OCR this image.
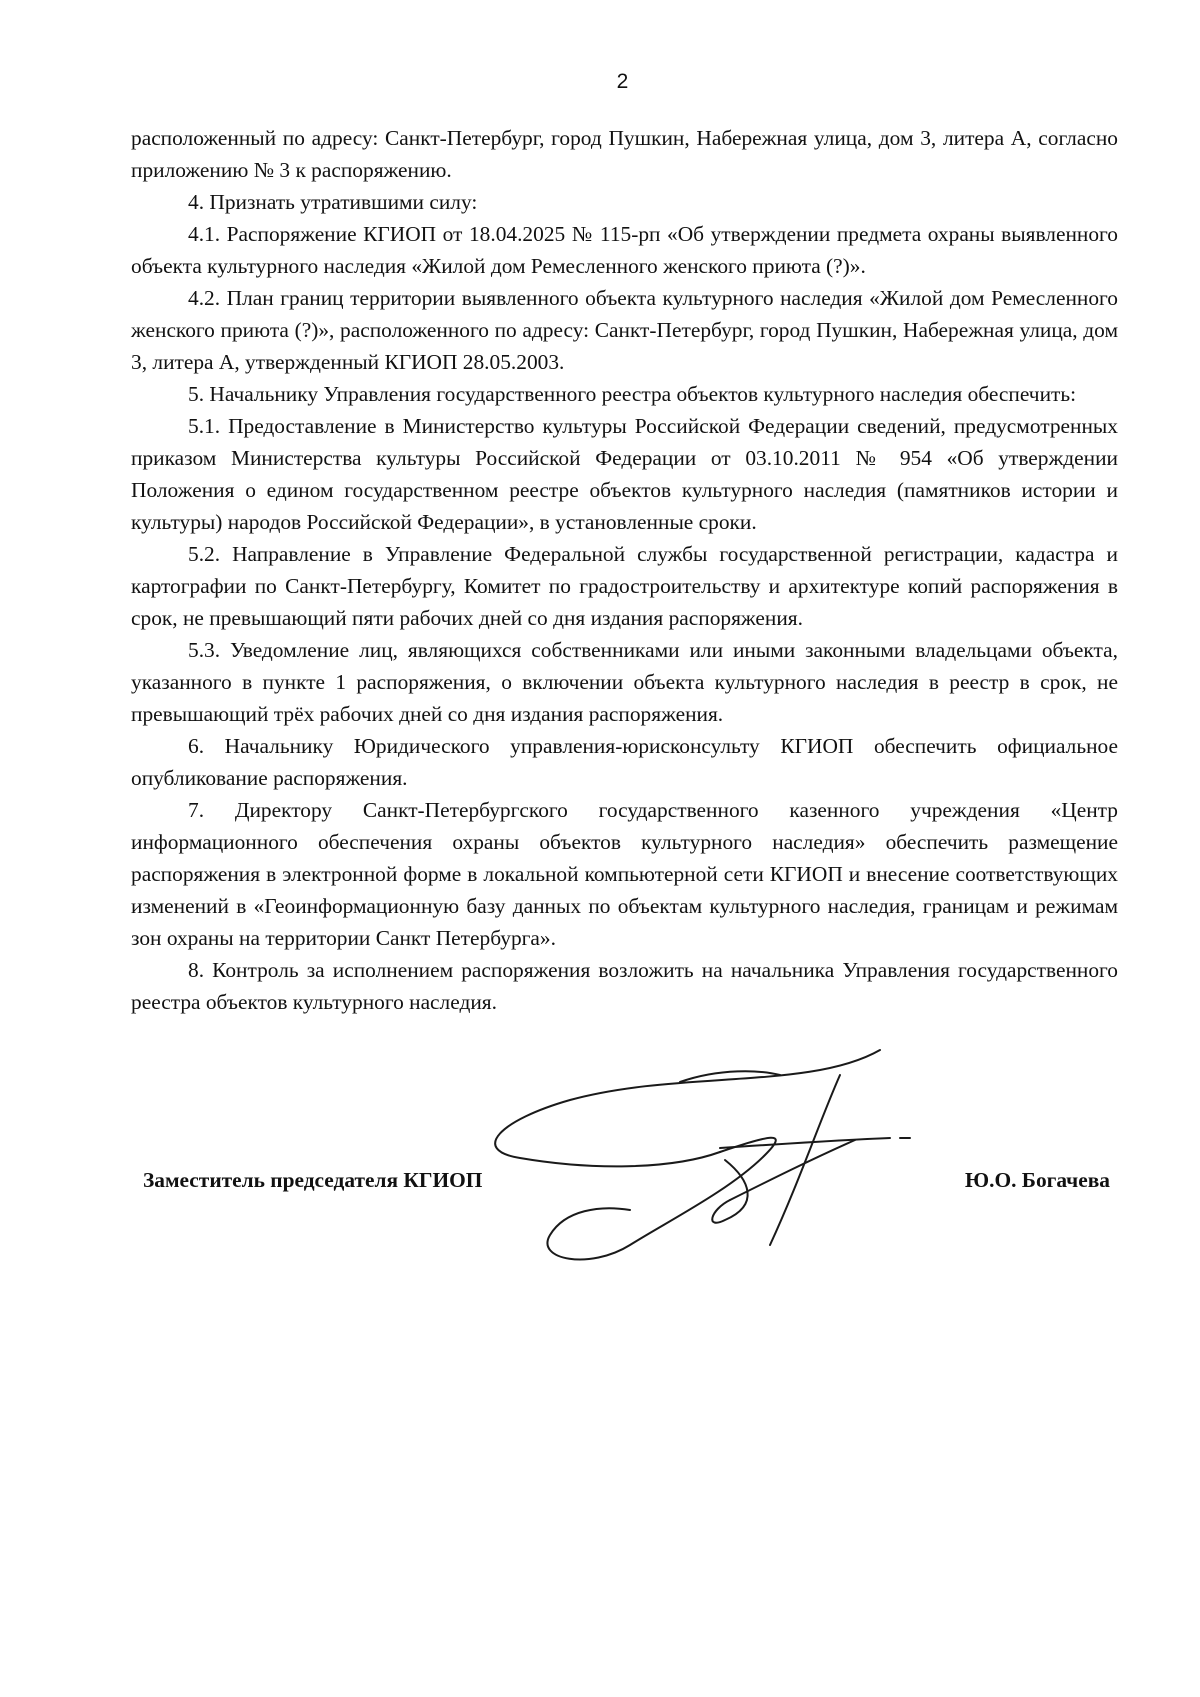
2

расположенный по адресу: Санкт-Петербург, город Пушкин, Набережная улица, дом 3, литера А, согласно приложению № 3 к распоряжению.

4. Признать утратившими силу:

4.1. Распоряжение КГИОП от 18.04.2025 № 115-рп «Об утверждении предмета охраны выявленного объекта культурного наследия «Жилой дом Ремесленного женского приюта (?)».

4.2. План границ территории выявленного объекта культурного наследия «Жилой дом Ремесленного женского приюта (?)», расположенного по адресу: Санкт-Петербург, город Пушкин, Набережная улица, дом 3, литера А, утвержденный КГИОП 28.05.2003.

5. Начальнику Управления государственного реестра объектов культурного наследия обеспечить:

5.1. Предоставление в Министерство культуры Российской Федерации сведений, предусмотренных приказом Министерства культуры Российской Федерации от 03.10.2011 № 954 «Об утверждении Положения о едином государственном реестре объектов культурного наследия (памятников истории и культуры) народов Российской Федерации», в установленные сроки.

5.2. Направление в Управление Федеральной службы государственной регистрации, кадастра и картографии по Санкт-Петербургу, Комитет по градостроительству и архитектуре копий распоряжения в срок, не превышающий пяти рабочих дней со дня издания распоряжения.

5.3. Уведомление лиц, являющихся собственниками или иными законными владельцами объекта, указанного в пункте 1 распоряжения, о включении объекта культурного наследия в реестр в срок, не превышающий трёх рабочих дней со дня издания распоряжения.

6. Начальнику Юридического управления-юрисконсульту КГИОП обеспечить официальное опубликование распоряжения.

7. Директору Санкт-Петербургского государственного казенного учреждения «Центр информационного обеспечения охраны объектов культурного наследия» обеспечить размещение распоряжения в электронной форме в локальной компьютерной сети КГИОП и внесение соответствующих изменений в «Геоинформационную базу данных по объектам культурного наследия, границам и режимам зон охраны на территории Санкт Петербурга».

8. Контроль за исполнением распоряжения возложить на начальника Управления государственного реестра объектов культурного наследия.

Заместитель председателя КГИОП	Ю.О. Богачева
